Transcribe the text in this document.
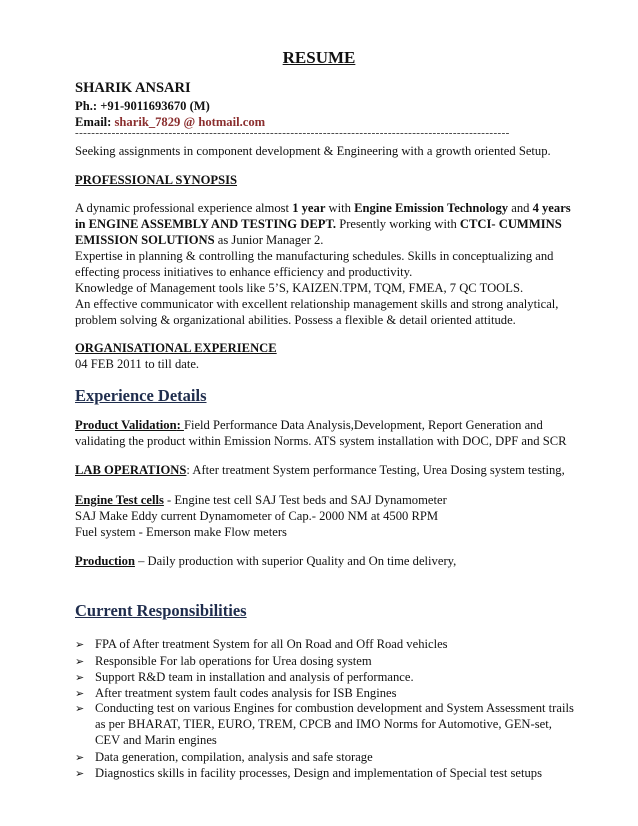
RESUME
SHARIK ANSARI
Ph.: +91-9011693670 (M)
Email: sharik_7829 @ hotmail.com
-----------------------------------------------------------------------------------------------------------
Seeking assignments in component development & Engineering with a growth oriented Setup.
PROFESSIONAL SYNOPSIS
A dynamic professional experience almost 1 year with Engine Emission Technology and 4 years
in ENGINE ASSEMBLY AND TESTING DEPT. Presently working with CTCI- CUMMINS
EMISSION SOLUTIONS as Junior Manager 2.
Expertise in planning & controlling the manufacturing schedules. Skills in conceptualizing and
effecting process initiatives to enhance efficiency and productivity.
Knowledge of Management tools like 5’S, KAIZEN.TPM, TQM, FMEA, 7 QC TOOLS.
An effective communicator with excellent relationship management skills and strong analytical,
problem solving & organizational abilities. Possess a flexible & detail oriented attitude.
ORGANISATIONAL EXPERIENCE
04 FEB 2011 to till date.
Experience Details
Product Validation: Field Performance Data Analysis,Development, Report Generation and
validating the product within Emission Norms. ATS system installation with DOC, DPF and SCR
LAB OPERATIONS: After treatment System performance Testing, Urea Dosing system testing,
Engine Test cells - Engine test cell SAJ Test beds and SAJ Dynamometer
SAJ Make Eddy current Dynamometer of Cap.- 2000 NM at 4500 RPM
Fuel system - Emerson make Flow meters
Production – Daily production with superior Quality and On time delivery,
Current Responsibilities
➢ FPA of After treatment System for all On Road and Off Road vehicles
➢ Responsible For lab operations for Urea dosing system
➢ Support R&D team in installation and analysis of performance.
➢ After treatment system fault codes analysis for ISB Engines
➢ Conducting test on various Engines for combustion development and System Assessment trails
as per BHARAT, TIER, EURO, TREM, CPCB and IMO Norms for Automotive, GEN-set,
CEV and Marin engines
➢ Data generation, compilation, analysis and safe storage
➢ Diagnostics skills in facility processes, Design and implementation of Special test setups
